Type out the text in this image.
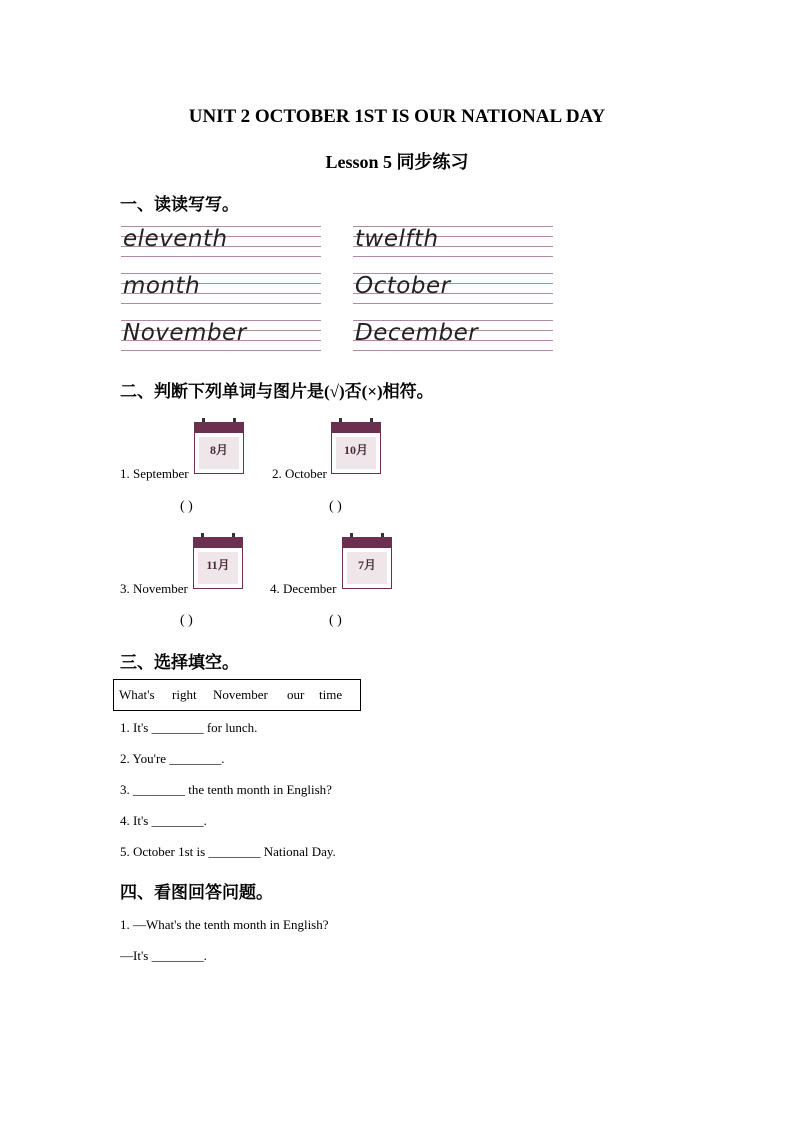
UNIT 2 OCTOBER 1ST IS OUR NATIONAL DAY
Lesson 5 同步练习
一、读读写写。
eleventh	twelfth
month	October
November	December
二、判断下列单词与图片是(√)否(×)相符。
1. September
8月
( )
2. October
10月
( )
3. November
11月
( )
4. December
7月
( )
三、选择填空。
What's right November our time
1. It's ________ for lunch.
2. You're ________.
3. ________ the tenth month in English?
4. It's ________.
5. October 1st is ________ National Day.
四、看图回答问题。
1. —What's the tenth month in English?
—It's ________.
